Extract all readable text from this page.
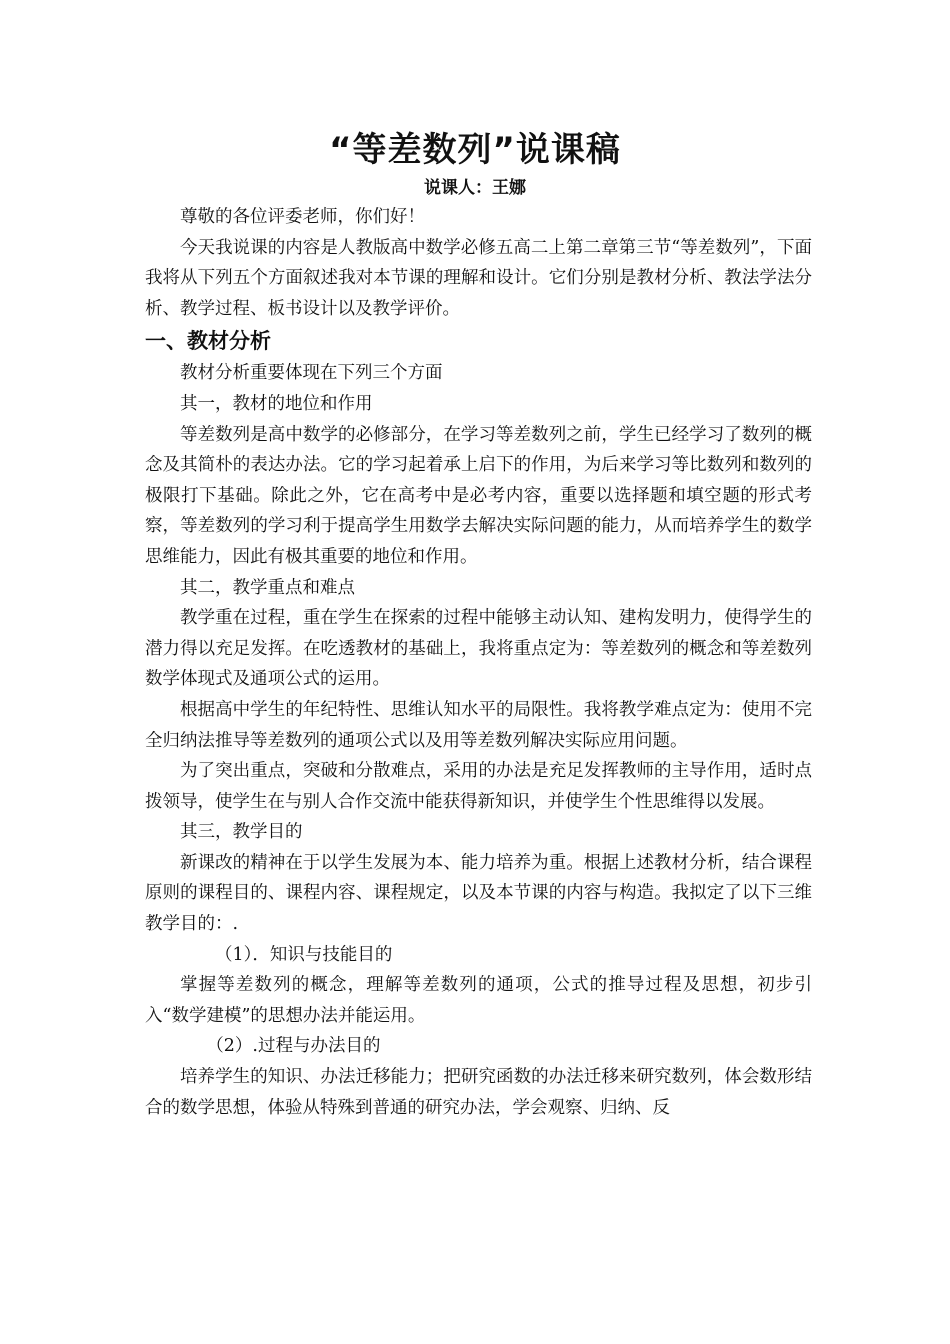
“等差数列”说课稿
说课人：王娜

尊敬的各位评委老师，你们好！

今天我说课的内容是人教版高中数学必修五高二上第二章第三节“等差数列”，下面我将从下列五个方面叙述我对本节课的理解和设计。它们分别是教材分析、教法学法分析、教学过程、板书设计以及教学评价。

一、教材分析

教材分析重要体现在下列三个方面

其一，教材的地位和作用

等差数列是高中数学的必修部分，在学习等差数列之前，学生已经学习了数列的概念及其简朴的表达办法。它的学习起着承上启下的作用，为后来学习等比数列和数列的极限打下基础。除此之外，它在高考中是必考内容，重要以选择题和填空题的形式考察，等差数列的学习利于提高学生用数学去解决实际问题的能力，从而培养学生的数学思维能力，因此有极其重要的地位和作用。

其二，教学重点和难点

教学重在过程，重在学生在探索的过程中能够主动认知、建构发明力，使得学生的潜力得以充足发挥。在吃透教材的基础上，我将重点定为：等差数列的概念和等差数列数学体现式及通项公式的运用。

根据高中学生的年纪特性、思维认知水平的局限性。我将教学难点定为：使用不完全归纳法推导等差数列的通项公式以及用等差数列解决实际应用问题。

为了突出重点，突破和分散难点，采用的办法是充足发挥教师的主导作用，适时点拨领导，使学生在与别人合作交流中能获得新知识，并使学生个性思维得以发展。

其三，教学目的

新课改的精神在于以学生发展为本、能力培养为重。根据上述教材分析，结合课程原则的课程目的、课程内容、课程规定，以及本节课的内容与构造。我拟定了以下三维教学目的：.

（1）．知识与技能目的

掌握等差数列的概念，理解等差数列的通项，公式的推导过程及思想，初步引入“数学建模”的思想办法并能运用。

（2）.过程与办法目的

培养学生的知识、办法迁移能力；把研究函数的办法迁移来研究数列，体会数形结合的数学思想，体验从特殊到普通的研究办法，学会观察、归纳、反
